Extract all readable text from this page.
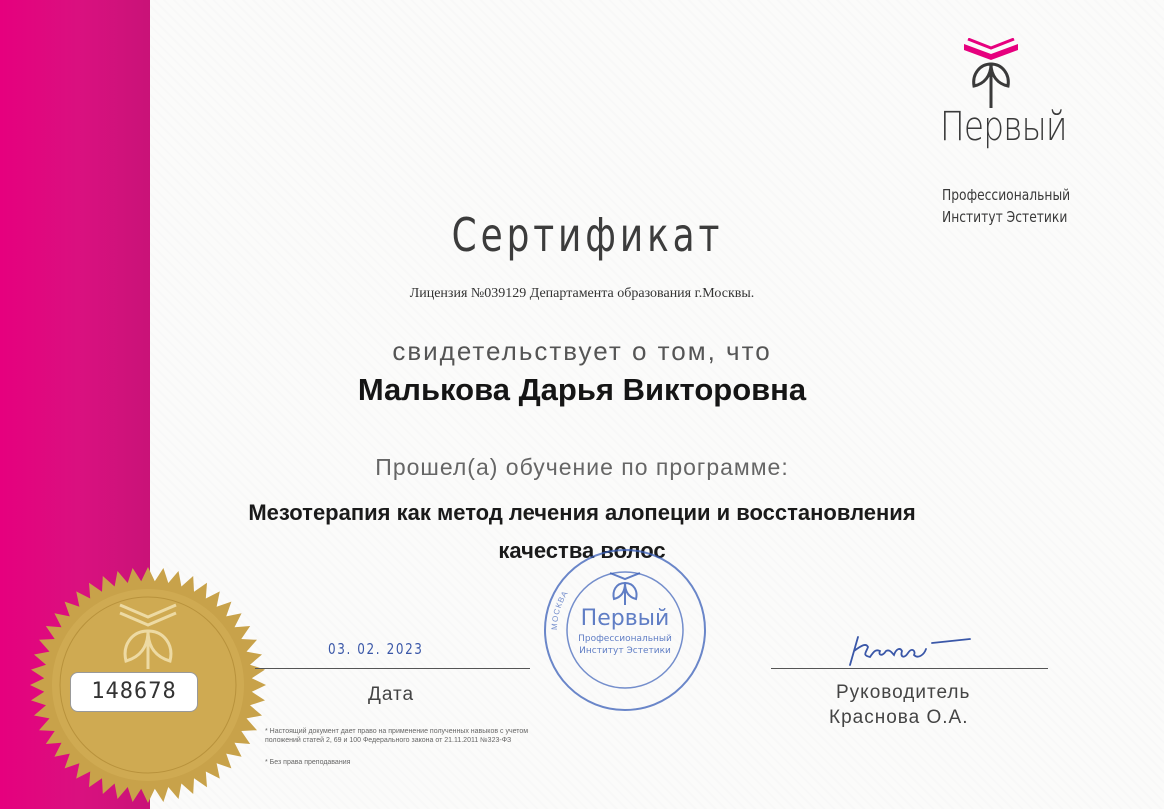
Первый
Профессиональный
Институт Эстетики
Сертификат
Лицензия №039129 Департамента образования г.Москвы.
свидетельствует о том, что
Малькова Дарья Викторовна
Прошел(а) обучение по программе:
Мезотерапия как метод лечения алопеции и восстановления
качества волос
148678
МОСКВА
Первый
Профессиональный
Институт Эстетики
03. 02. 2023
Дата	Руководитель
Краснова О.А.
* Настоящий документ дает право на применение полученных навыков с учетом положений статей 2, 69 и 100 Федерального закона от 21.11.2011 №323-ФЗ
* Без права преподавания
